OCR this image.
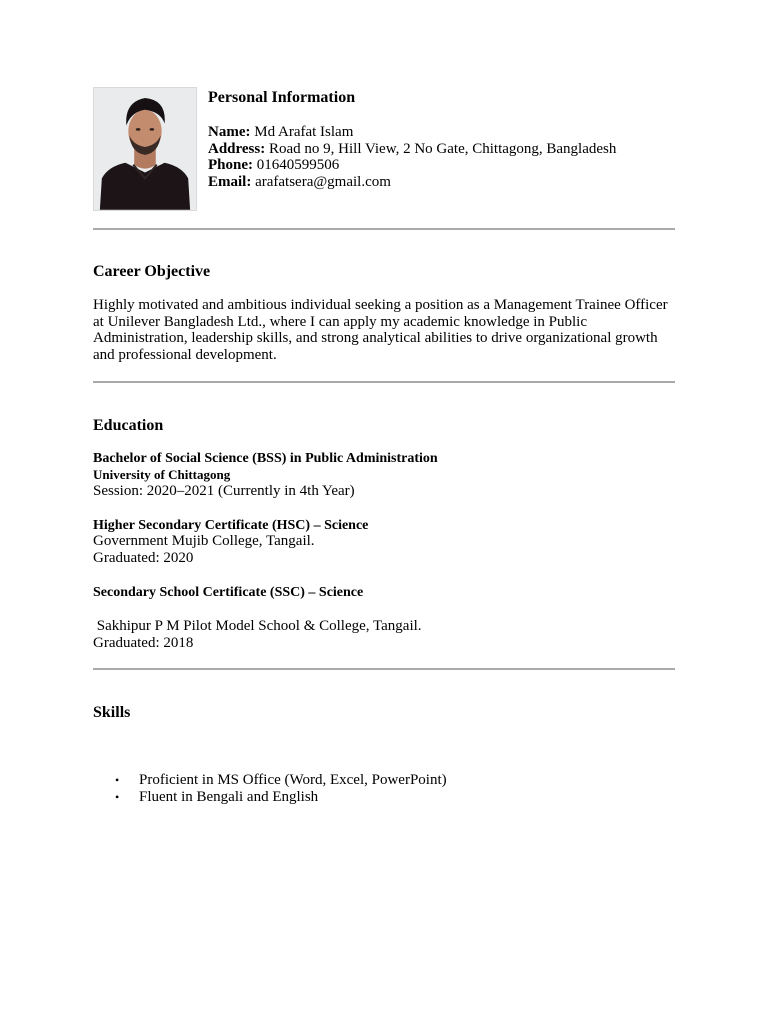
Personal Information
Name: Md Arafat Islam
Address: Road no 9, Hill View, 2 No Gate, Chittagong, Bangladesh
Phone: 01640599506
Email: arafatsera@gmail.com
Career Objective
Highly motivated and ambitious individual seeking a position as a Management Trainee Officer at Unilever Bangladesh Ltd., where I can apply my academic knowledge in Public Administration, leadership skills, and strong analytical abilities to drive organizational growth and professional development.
Education
Bachelor of Social Science (BSS) in Public Administration
University of Chittagong
Session: 2020–2021 (Currently in 4th Year)
Higher Secondary Certificate (HSC) – Science
Government Mujib College, Tangail.
Graduated: 2020
Secondary School Certificate (SSC) – Science
Sakhipur P M Pilot Model School & College, Tangail.
Graduated: 2018
Skills
• Proficient in MS Office (Word, Excel, PowerPoint)
• Fluent in Bengali and English
